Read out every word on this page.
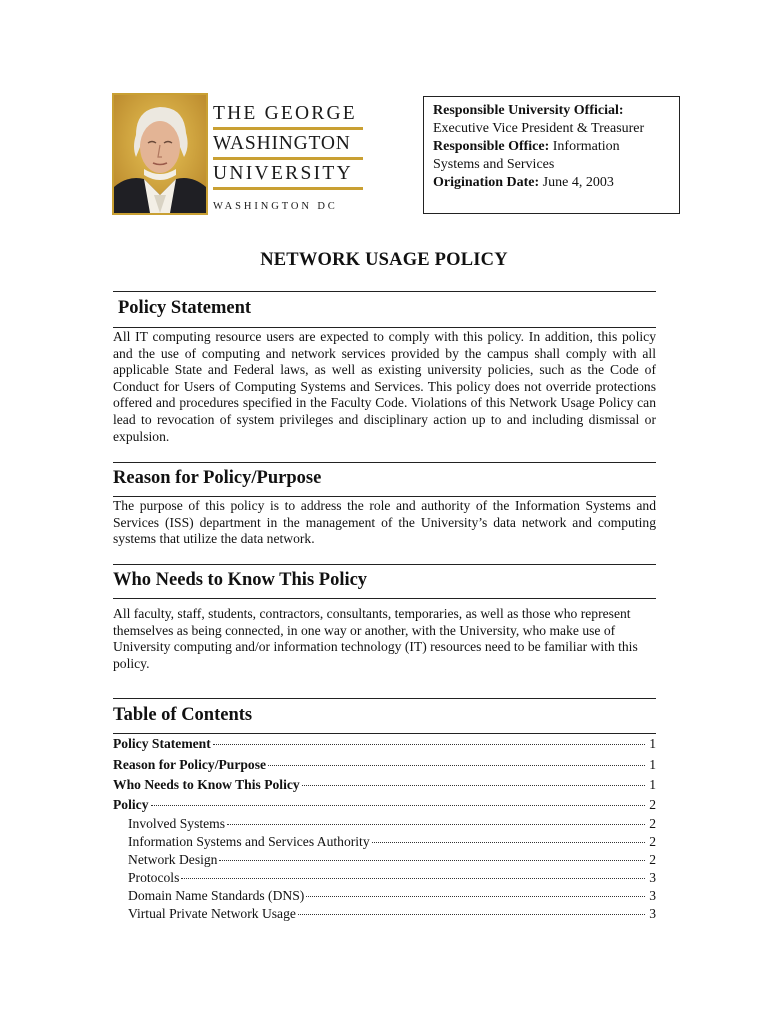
THE GEORGE
WASHINGTON
UNIVERSITY
WASHINGTON DC
Responsible University Official:
Executive Vice President & Treasurer
Responsible Office: Information
Systems and Services
Origination Date: June 4, 2003
NETWORK USAGE POLICY
Policy Statement
All IT computing resource users are expected to comply with this policy. In addition, this policy and the use of computing and network services provided by the campus shall comply with all applicable State and Federal laws, as well as existing university policies, such as the Code of Conduct for Users of Computing Systems and Services. This policy does not override protections offered and procedures specified in the Faculty Code. Violations of this Network Usage Policy can lead to revocation of system privileges and disciplinary action up to and including dismissal or expulsion.
Reason for Policy/Purpose
The purpose of this policy is to address the role and authority of the Information Systems and Services (ISS) department in the management of the University’s data network and computing systems that utilize the data network.
Who Needs to Know This Policy
All faculty, staff, students, contractors, consultants, temporaries, as well as those who represent themselves as being connected, in one way or another, with the University, who make use of University computing and/or information technology (IT) resources need to be familiar with this policy.
Table of Contents
Policy Statement	1
Reason for Policy/Purpose	1
Who Needs to Know This Policy	1
Policy	2
Involved Systems	2
Information Systems and Services Authority	2
Network Design	2
Protocols	3
Domain Name Standards (DNS)	3
Virtual Private Network Usage	3
